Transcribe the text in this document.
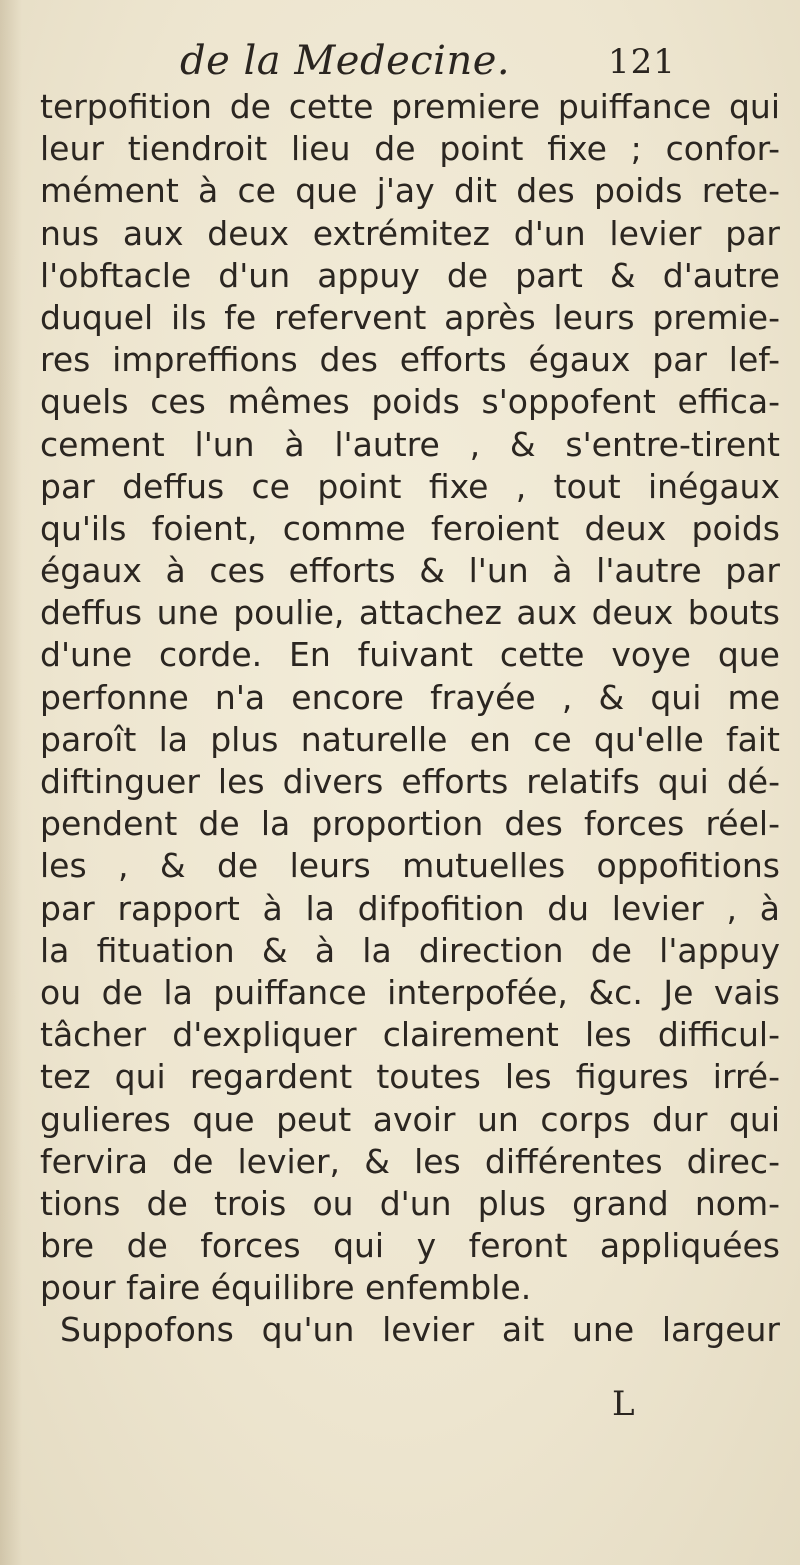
de la Medecine.	121
terpofition de cette premiere puiffance qui
leur tiendroit lieu de point fixe ; confor-
mément à ce que j'ay dit des poids rete-
nus aux deux extrémitez d'un levier par
l'obftacle d'un appuy de part & d'autre
duquel ils fe refervent après leurs premie-
res impreffions des efforts égaux par lef-
quels ces mêmes poids s'oppofent effica-
cement l'un à l'autre , & s'entre-tirent
par deffus ce point fixe , tout inégaux
qu'ils foient, comme feroient deux poids
égaux à ces efforts & l'un à l'autre par
deffus une poulie, attachez aux deux bouts
d'une corde. En fuivant cette voye que
perfonne n'a encore frayée , & qui me
paroît la plus naturelle en ce qu'elle fait
diftinguer les divers efforts relatifs qui dé-
pendent de la proportion des forces réel-
les , & de leurs mutuelles oppofitions
par rapport à la difpofition du levier , à
la fituation & à la direction de l'appuy
ou de la puiffance interpofée, &c. Je vais
tâcher d'expliquer clairement les difficul-
tez qui regardent toutes les figures irré-
gulieres que peut avoir un corps dur qui
fervira de levier, & les différentes direc-
tions de trois ou d'un plus grand nom-
bre de forces qui y feront appliquées
pour faire équilibre enfemble.
Suppofons qu'un levier ait une largeur
L
